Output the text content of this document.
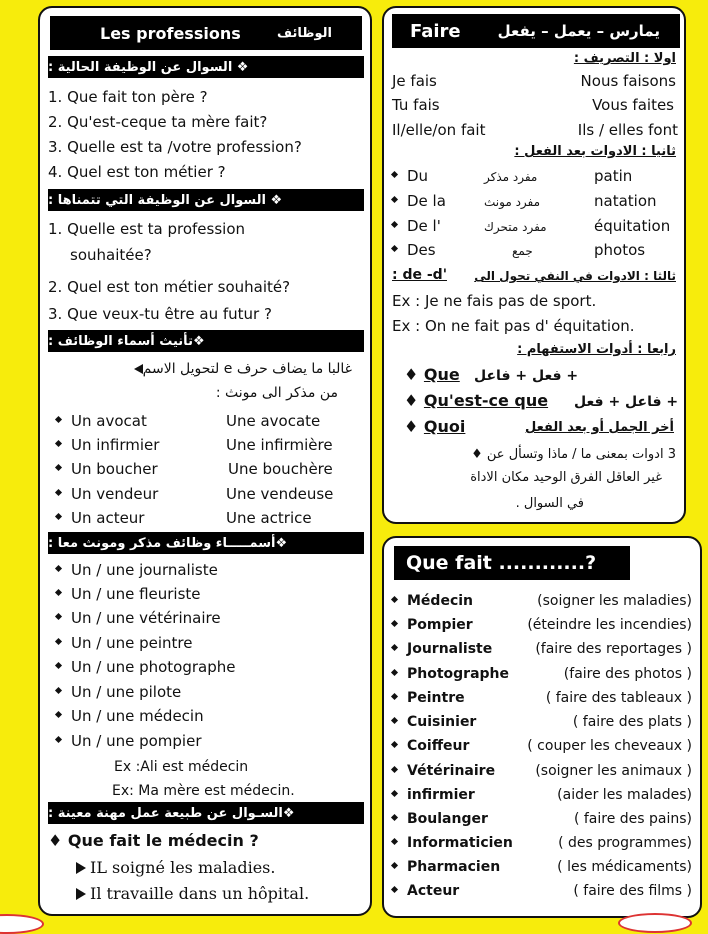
Les professions	الوظائف
❖ السوال عن الوظيفة الحالية :
1. Que fait ton père ?
2. Qu'est-ceque ta mère fait?
3. Quelle est ta /votre profession?
4. Quel est ton métier ?
❖ السوال عن الوظيفة التي تتمناها :
1. Quelle est ta profession
souhaitée?
2. Quel est ton métier souhaité?
3. Que veux-tu être au futur ?
❖تأنيث أسماء الوظائف :
غالبا ما يضاف حرف e لتحويل الاسم
من مذكر الى مونث :
Un avocat	Une avocate
Un infirmier	Une infirmière
Un boucher	Une bouchère
Un vendeur	Une vendeuse
Un acteur	Une actrice
❖أسمـــــاء وظائف مذكر ومونث معا :
Un / une journaliste
Un / une fleuriste
Un / une vétérinaire
Un / une peintre
Un / une photographe
Un / une pilote
Un / une médecin
Un / une pompier
Ex :Ali est médecin
Ex: Ma mère est médecin.
❖السـوال عن طبيعة عمل مهنة معينة :
♦ Que fait le médecin ?
IL soigné les maladies.
Il travaille dans un hôpital.
Faire يمارس – يعمل – يفعل
اولا : التصريف :
Je fais	Nous faisons
Tu fais	Vous faites
Il/elle/on fait	Ils / elles font
ثانيا : الادوات بعد الفعل :
Du	مفرد مذكر	patin
De la	مفرد مونث	natation
De l'	مفرد متحرك	équitation
Des	جمع	photos
: de -d' ثالثا : الادوات في النفي تحول الى
Ex : Je ne fais pas de sport.
Ex : On ne fait pas d' équitation.
رابعا : أدوات الاستفهام :
♦ Que + فعل + فاعل
♦ Qu'est-ce que + فاعل + فعل
♦ Quoi	أخر الجمل أو بعد الفعل
3 ادوات بمعنى ما / ماذا وتسأل عن ♦
غير العاقل الفرق الوحيد مكان الاداة
في السوال .
Que fait ............?
Médecin	(soigner les maladies)
Pompier	(éteindre les incendies)
Journaliste	(faire des reportages )
Photographe	(faire des photos )
Peintre	( faire des tableaux )
Cuisinier	( faire des plats )
Coiffeur	( couper les cheveaux )
Vétérinaire	(soigner les animaux )
infirmier	(aider les malades)
Boulanger	( faire des pains)
Informaticien	( des programmes)
Pharmacien	( les médicaments)
Acteur	( faire des films )
